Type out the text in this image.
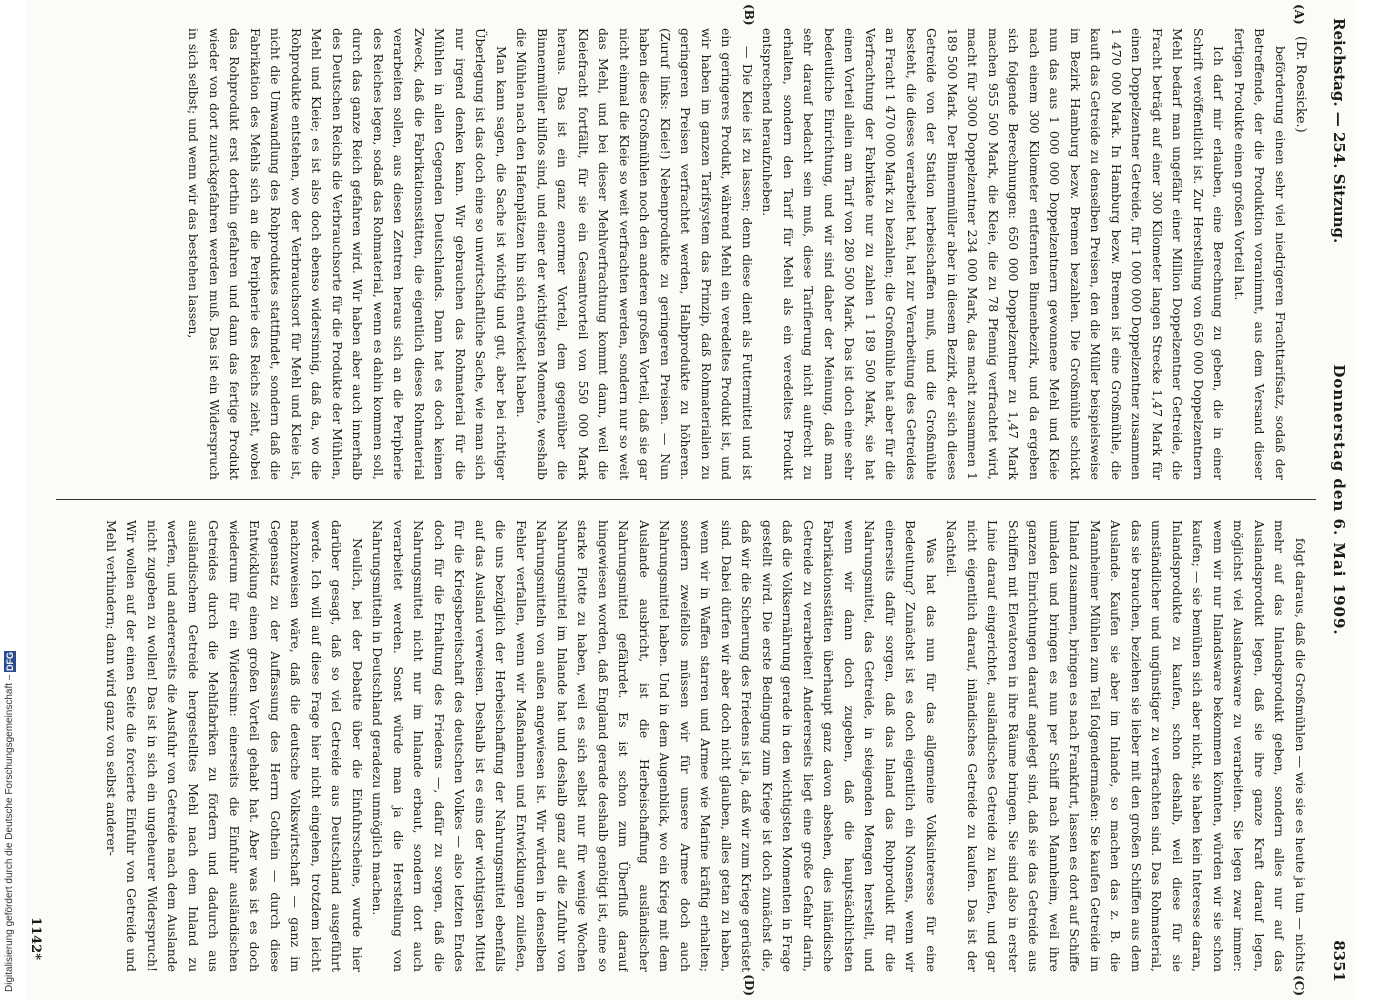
Digitalisierung gefördert durch die Deutsche Forschungsgemeinschaft – DFG
Reichstag. — 254. Sitzung.
Donnerstag den 6. Mai 1909.
8351
(Dr. Roesicke.)
(A)
(B)
(C)
(D)

beförderung einen sehr viel niedrigeren Frachttarifsatz, sodaß der Betreffende, der die Produktion voranimmt, aus dem Versand dieser fertigen Produkte einen großen Vorteil hat.

Ich darf mir erlauben, eine Berechnung zu geben, die in einer Schrift veröffentlicht ist. Zur Herstellung von 650 000 Doppelzentnern Mehl bedarf man ungefähr einer Million Doppelzentner Getreide, die Fracht beträgt auf einer 300 Kilometer langen Strecke 1,47 Mark für einen Doppelzentner Getreide, für 1 000 000 Doppelzentner zusammen 1 470 000 Mark. In Hamburg bezw. Bremen ist eine Großmühle, die kauft das Getreide zu denselben Preisen, den die Müller beispielsweise im Bezirk Hamburg bezw. Bremen bezahlen. Die Großmühle schickt nun das aus 1 000 000 Doppelzentnern gewonnene Mehl und Kleie nach einem 300 Kilometer entfernten Binnenbezirk, und da ergeben sich folgende Berechnungen: 650 000 Doppelzentner zu 1,47 Mark machen 955 500 Mark, die Kleie, die zu 78 Pfennig verfrachtet wird, macht für 3000 Doppelzentner 234 000 Mark, das macht zusammen 1 189 500 Mark. Der Binnenmüller aber in diesem Bezirk, der sich dieses Getreide von der Station herbeischaffen muß, und die Großmühle besteht, die dieses verarbeitet hat, hat zur Verarbeitung des Getreides an Fracht 1 470 000 Mark zu bezahlen; die Großmühle hat aber für die Verfrachtung der Fabrikate nur zu zahlen 1 189 500 Mark, sie hat einen Vorteil allein am Tarif von 280 500 Mark. Das ist doch eine sehr bedeutliche Einrichtung, und wir sind daher der Meinung, daß man sehr darauf bedacht sein muß, diese Tarifierung nicht aufrecht zu erhalten, sondern den Tarif für Mehl als ein veredeltes Produkt entsprechend heraufzuheben.

— Die Kleie ist zu lassen; denn diese dient als Futtermittel und ist ein geringeres Produkt, während Mehl ein veredeltes Produkt ist, und wir haben im ganzen Tarifsystem das Prinzip, daß Rohmaterialien zu geringeren Preisen verfrachtet werden, Halbprodukte zu höheren. (Zuruf links: Kleie!) Nebenprodukte zu geringeren Preisen. — Nun haben diese Großmühlen noch den anderen großen Vorteil, daß sie gar nicht einmal die Kleie so weit verfrachten werden, sondern nur so weit das Mehl, und bei dieser Mehlverfrachtung kommt dann, weil die Kleiefracht fortfällt, für sie ein Gesamtvorteil von 550 000 Mark heraus. Das ist ein ganz enormer Vorteil, dem gegenüber die Binnenmüller hilflos sind, und einer der wichtigsten Momente, weshalb die Mühlen nach den Hafenplätzen hin sich entwickelt haben.

Man kann sagen, die Sache ist wichtig und gut, aber bei richtiger Überlegung ist das doch eine so unwirtschaftliche Sache, wie man sich nur irgend denken kann. Wir gebrauchen das Rohmaterial für die Mühlen in allen Gegenden Deutschlands. Dann hat es doch keinen Zweck, daß die Fabrikationsstätten, die eigentlich dieses Rohmaterial verarbeiten sollen, aus diesen Zentren heraus sich an die Peripherie des Reiches legen, sodaß das Rohmaterial, wenn es dahin kommen soll, durch das ganze Reich gefahren wird. Wir haben aber auch innerhalb des Deutschen Reichs die Verbrauchsorte für die Produkte der Mühlen, Mehl und Kleie; es ist also doch ebenso widersinnig, daß da, wo die Rohprodukte entstehen, wo der Verbrauchsort für Mehl und Kleie ist, nicht die Umwandlung des Rohproduktes stattfindet, sondern daß die Fabrikation des Mehls sich an die Peripherie des Reichs zieht, wobei das Rohprodukt erst dorthin gefahren und dann das fertige Produkt wieder von dort zurückgefahren werden muß. Das ist ein Widerspruch in sich selbst; und wenn wir das bestehen lassen,

folgt daraus, daß die Großmühlen — wie sie es heute ja tun — nichts mehr auf das Inlandsprodukt geben, sondern alles nur auf das Auslandsprodukt legen, daß sie ihre ganze Kraft darauf legen, möglichst viel Auslandsware zu verarbeiten. Sie legen zwar immer: wenn wir nur Inlandsware bekommen könnten, würden wir sie schon kaufen; — sie bemühen sich aber nicht, sie haben kein Interesse daran, Inlandsprodukte zu kaufen, schon deshalb, weil diese für sie umständlicher und ungünstiger zu verfrachten sind. Das Rohmaterial, das sie brauchen, beziehen sie lieber mit den großen Schiffen aus dem Auslande. Kaufen sie aber im Inlande, so machen das z. B. die Mannheimer Mühlen zum Teil folgendermaßen: Sie kaufen Getreide im Inland zusammen, bringen es nach Frankfurt, lassen es dort auf Schiffe umladen und bringen es nun per Schiff nach Mannheim, weil ihre ganzen Einrichtungen darauf angelegt sind, daß sie das Getreide aus Schiffen mit Elevatoren in ihre Räume bringen. Sie sind also in erster Linie darauf eingerichtet, ausländisches Getreide zu kaufen, und gar nicht eigentlich darauf, inländisches Getreide zu kaufen. Das ist der Nachteil.

Was hat das nun für das allgemeine Volksinteresse für eine Bedeutung? Zunächst ist es doch eigentlich ein Nonsens, wenn wir einerseits dafür sorgen, daß das Inland das Rohprodukt für die Nahrungsmittel, das Getreide, in steigenden Mengen herstellt, und wenn wir dann doch zugeben, daß die hauptsächlichsten Fabrikationsstätten überhaupt ganz davon absehen, dies inländische Getreide zu verarbeiten! Andererseits liegt eine große Gefahr darin, daß die Volksernährung gerade in den wichtigsten Momenten in Frage gestellt wird. Die erste Bedingung zum Kriege ist doch zunächst die, daß wir die Sicherung des Friedens ist ja, daß wir zum Kriege gerüstet sind. Dabei dürfen wir aber doch nicht glauben, alles getan zu haben, wenn wir in Waffen starren und Armee wie Marine kräftig erhalten; sondern zweifellos müssen wir für unsere Armee doch auch Nahrungsmittel haben. Und in dem Augenblick, wo ein Krieg mit dem Auslande ausbricht, ist die Herbeischaffung ausländischer Nahrungsmittel gefährdet. Es ist schon zum Überfluß darauf hingewiesen worden, daß England gerade deshalb genötigt ist, eine so starke Flotte zu haben, weil es sich selbst nur für wenige Wochen Nahrungsmittel im Inlande hat und deshalb ganz auf die Zufuhr von Nahrungsmitteln von außen angewiesen ist. Wir würden in denselben Fehler verfallen, wenn wir Maßnahmen und Entwicklungen zuließen, die uns bezüglich der Herbeischaffung der Nahrungsmittel ebenfalls auf das Ausland verweisen. Deshalb ist es eins der wichtigsten Mittel für die Kriegsbereitschaft des deutschen Volkes — also letzten Endes doch für die Erhaltung des Friedens —, dafür zu sorgen, daß die Nahrungsmittel nicht nur im Inlande erbaut, sondern dort auch verarbeitet werden. Sonst würde man ja die Herstellung von Nahrungsmitteln in Deutschland geradezu unmöglich machen.

Neulich, bei der Debatte über die Einfuhrscheine, wurde hier darüber gesagt, daß so viel Getreide aus Deutschland ausgeführt werde. Ich will auf diese Frage hier nicht eingehen, trotzdem leicht nachzuweisen wäre, daß die deutsche Volkswirtschaft — ganz im Gegensatz zu der Auffassung des Herrn Gothein — durch diese Entwicklung einen großen Vorteil gehabt hat. Aber was ist es doch wiederum für ein Widersinn: einerseits die Einfuhr ausländischen Getreides durch die Mehlfabriken zu fördern und dadurch aus ausländischem Getreide hergestelltes Mehl nach dem Inland zu werfen, und andererseits die Ausfuhr von Getreide nach dem Auslande nicht zugeben zu wollen! Das ist in sich ein ungeheurer Widerspruch! Wir wollen auf der einen Seite die forcierte Einfuhr von Getreide und Mehl verhindern; dann wird ganz von selbst anderer-

1142*
